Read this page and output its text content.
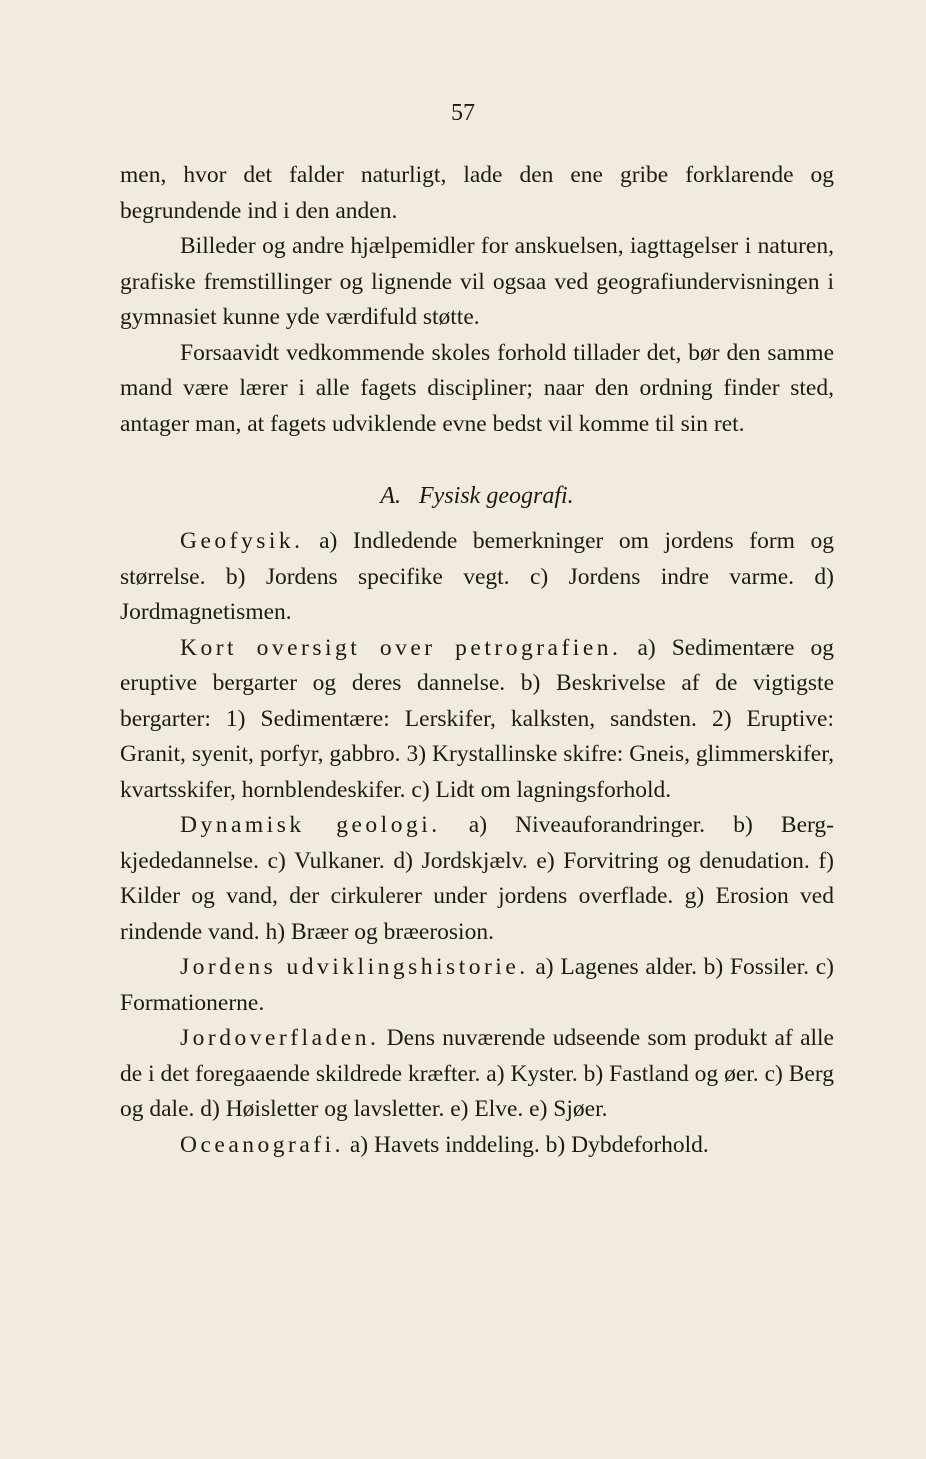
57

men, hvor det falder naturligt, lade den ene gribe forklarende og begrundende ind i den anden.

Billeder og andre hjælpemidler for anskuelsen, iagttagelser i naturen, grafiske fremstillinger og lignende vil ogsaa ved geografiundervisningen i gymnasiet kunne yde værdifuld støtte.

Forsaavidt vedkommende skoles forhold tillader det, bør den samme mand være lærer i alle fagets discipliner; naar den ordning finder sted, antager man, at fagets udviklende evne bedst vil komme til sin ret.

A. Fysisk geografi.

Geofysik. a) Indledende bemerkninger om jordens form og størrelse. b) Jordens specifike vegt. c) Jordens indre varme. d) Jordmagnetismen.

Kort oversigt over petrografien. a) Sedimentære og eruptive bergarter og deres dannelse. b) Beskrivelse af de vigtigste bergarter: 1) Sedimentære: Lerskifer, kalksten, sandsten. 2) Eruptive: Granit, syenit, porfyr, gabbro. 3) Krystallinske skifre: Gneis, glimmerskifer, kvartsskifer, hornblendeskifer. c) Lidt om lagningsforhold.

Dynamisk geologi. a) Niveauforandringer. b) Bergkjededannelse. c) Vulkaner. d) Jordskjælv. e) Forvitring og denudation. f) Kilder og vand, der cirkulerer under jordens overflade. g) Erosion ved rindende vand. h) Bræer og bræerosion.

Jordens udviklingshistorie. a) Lagenes alder. b) Fossiler. c) Formationerne.

Jordoverfladen. Dens nuværende udseende som produkt af alle de i det foregaaende skildrede kræfter. a) Kyster. b) Fastland og øer. c) Berg og dale. d) Høisletter og lavsletter. e) Elve. e) Sjøer.

Oceanografi. a) Havets inddeling. b) Dybdeforhold.
